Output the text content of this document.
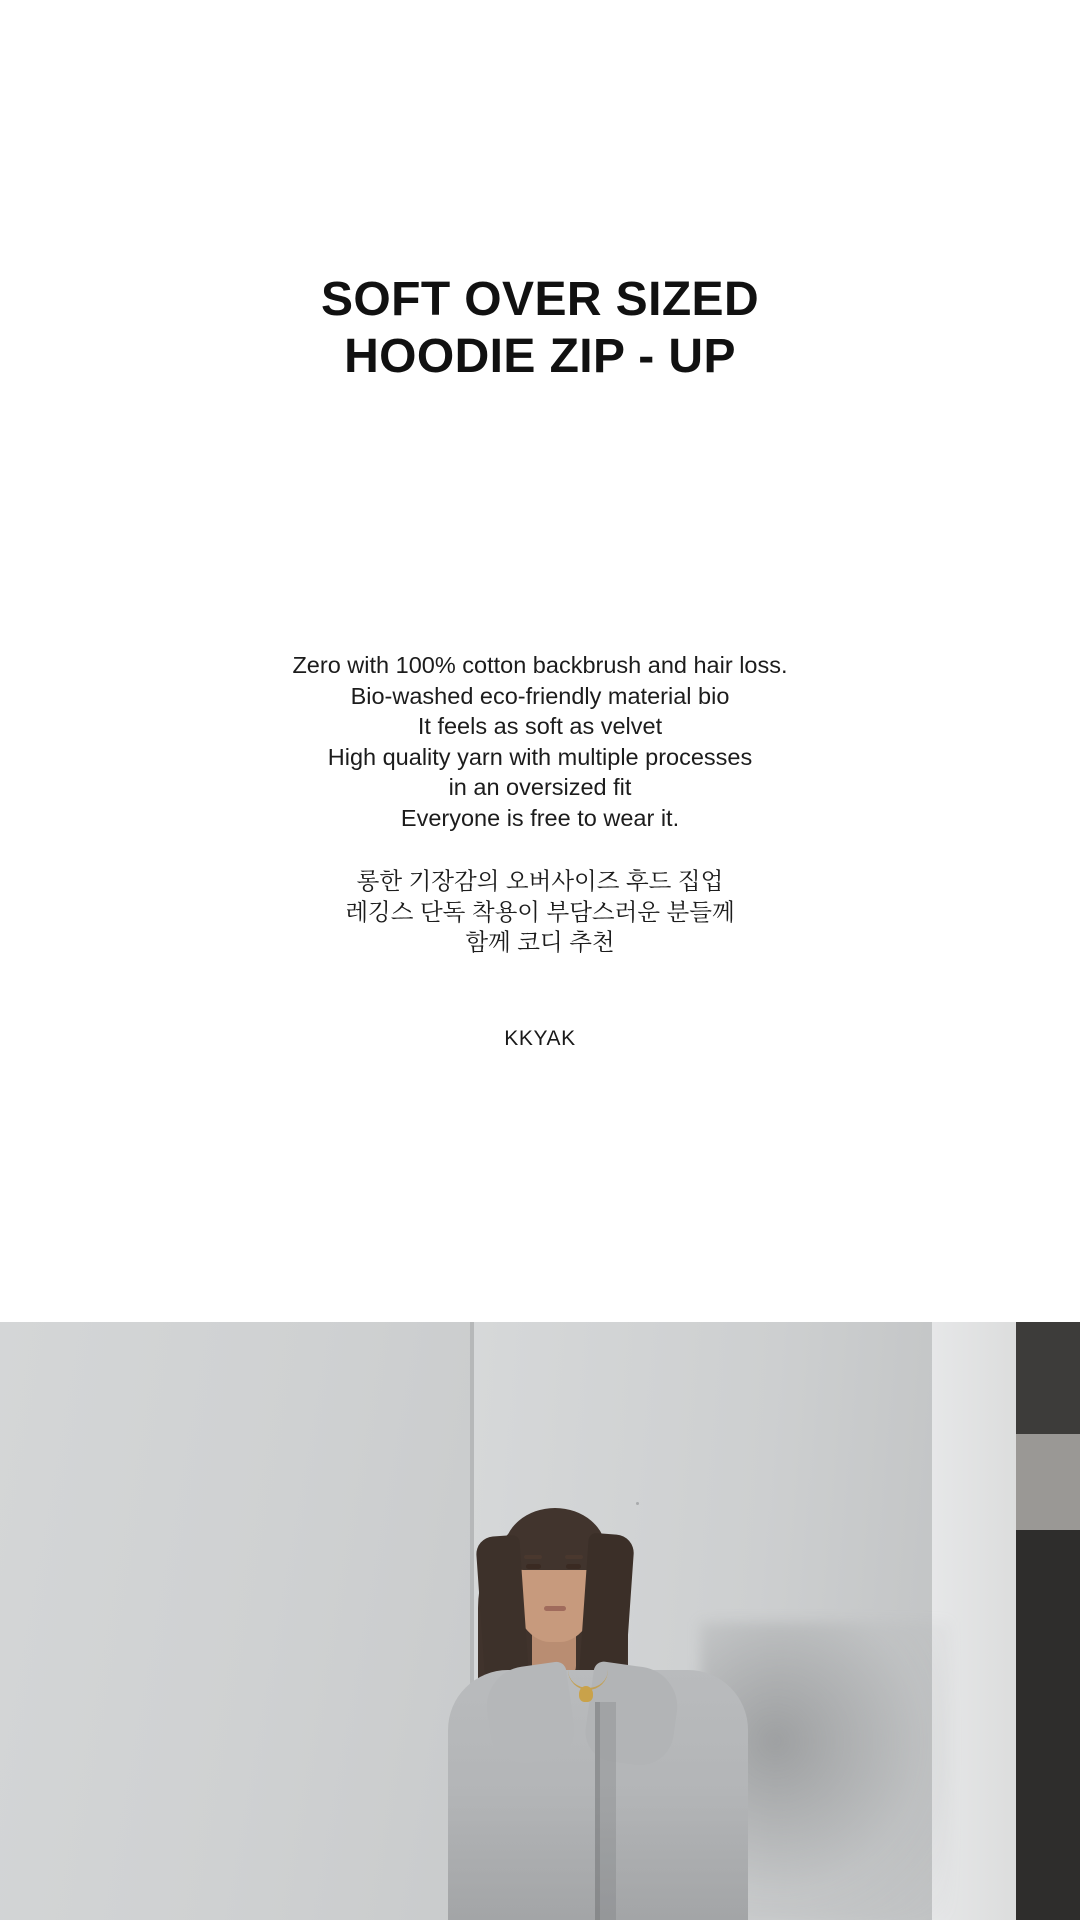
SOFT OVER SIZED
HOODIE ZIP - UP
Zero with 100% cotton backbrush and hair loss.
Bio-washed eco-friendly material bio
It feels as soft as velvet
High quality yarn with multiple processes
in an oversized fit
Everyone is free to wear it.
롱한 기장감의 오버사이즈 후드 집업
레깅스 단독 착용이 부담스러운 분들께
함께 코디 추천
KKYAK
